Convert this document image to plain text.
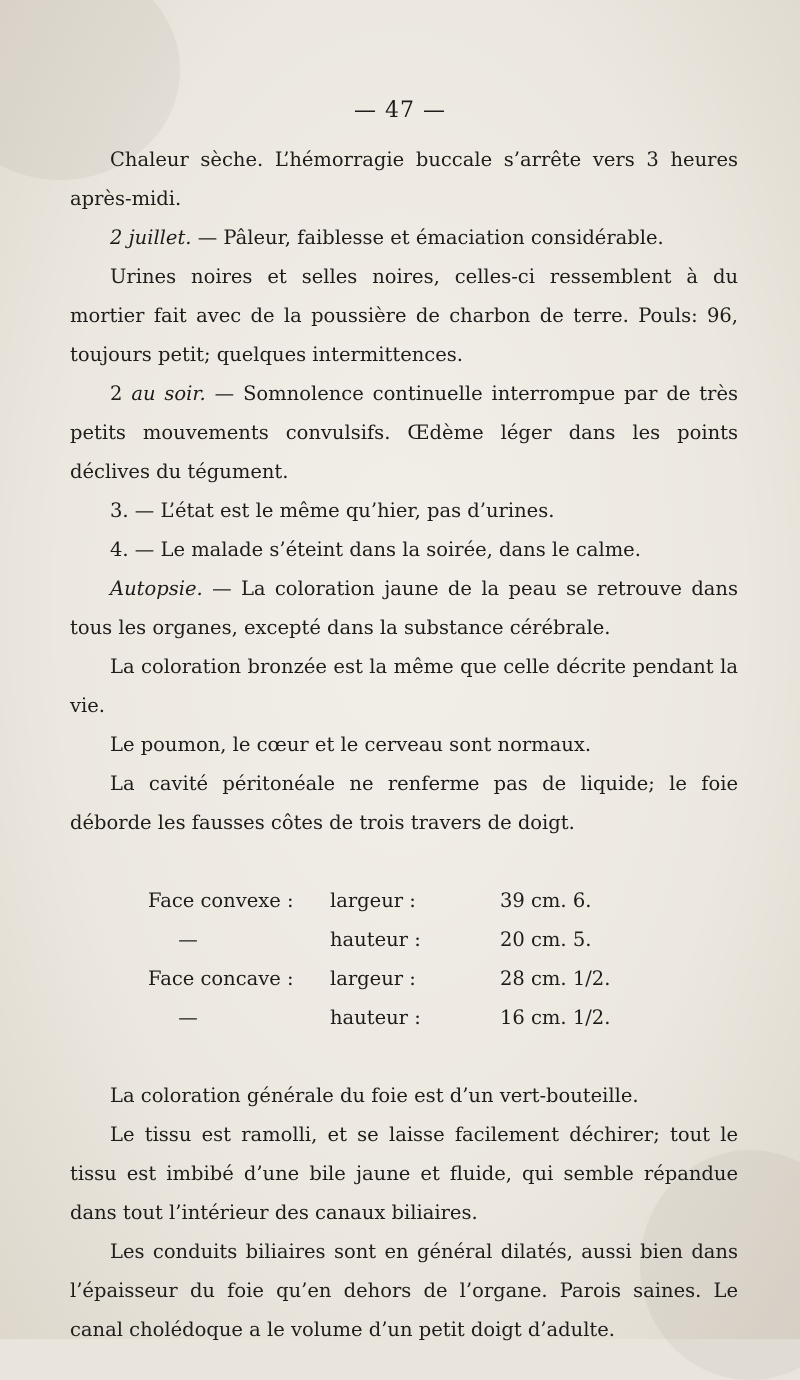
— 47 —

Chaleur sèche. L’hémorragie buccale s’arrête vers 3 heures après-midi.

2 juillet. — Pâleur, faiblesse et émaciation considérable.

Urines noires et selles noires, celles-ci ressemblent à du mortier fait avec de la poussière de charbon de terre. Pouls: 96, toujours petit; quelques intermittences.

2 au soir. — Somnolence continuelle interrompue par de très petits mouvements convulsifs. Œdème léger dans les points déclives du tégument.

3. — L’état est le même qu’hier, pas d’urines.

4. — Le malade s’éteint dans la soirée, dans le calme.

Autopsie. — La coloration jaune de la peau se retrouve dans tous les organes, excepté dans la substance cérébrale.

La coloration bronzée est la même que celle décrite pendant la vie.

Le poumon, le cœur et le cerveau sont normaux.

La cavité péritonéale ne renferme pas de liquide; le foie déborde les fausses côtes de trois travers de doigt.

Face convexe :	largeur :	39 cm. 6.
—	hauteur :	20 cm. 5.
Face concave :	largeur :	28 cm. 1/2.
—	hauteur :	16 cm. 1/2.

La coloration générale du foie est d’un vert-bouteille.

Le tissu est ramolli, et se laisse facilement déchirer; tout le tissu est imbibé d’une bile jaune et fluide, qui semble répandue dans tout l’intérieur des canaux biliaires.

Les conduits biliaires sont en général dilatés, aussi bien dans l’épaisseur du foie qu’en dehors de l’organe. Parois saines. Le canal cholédoque a le volume d’un petit doigt d’adulte.
